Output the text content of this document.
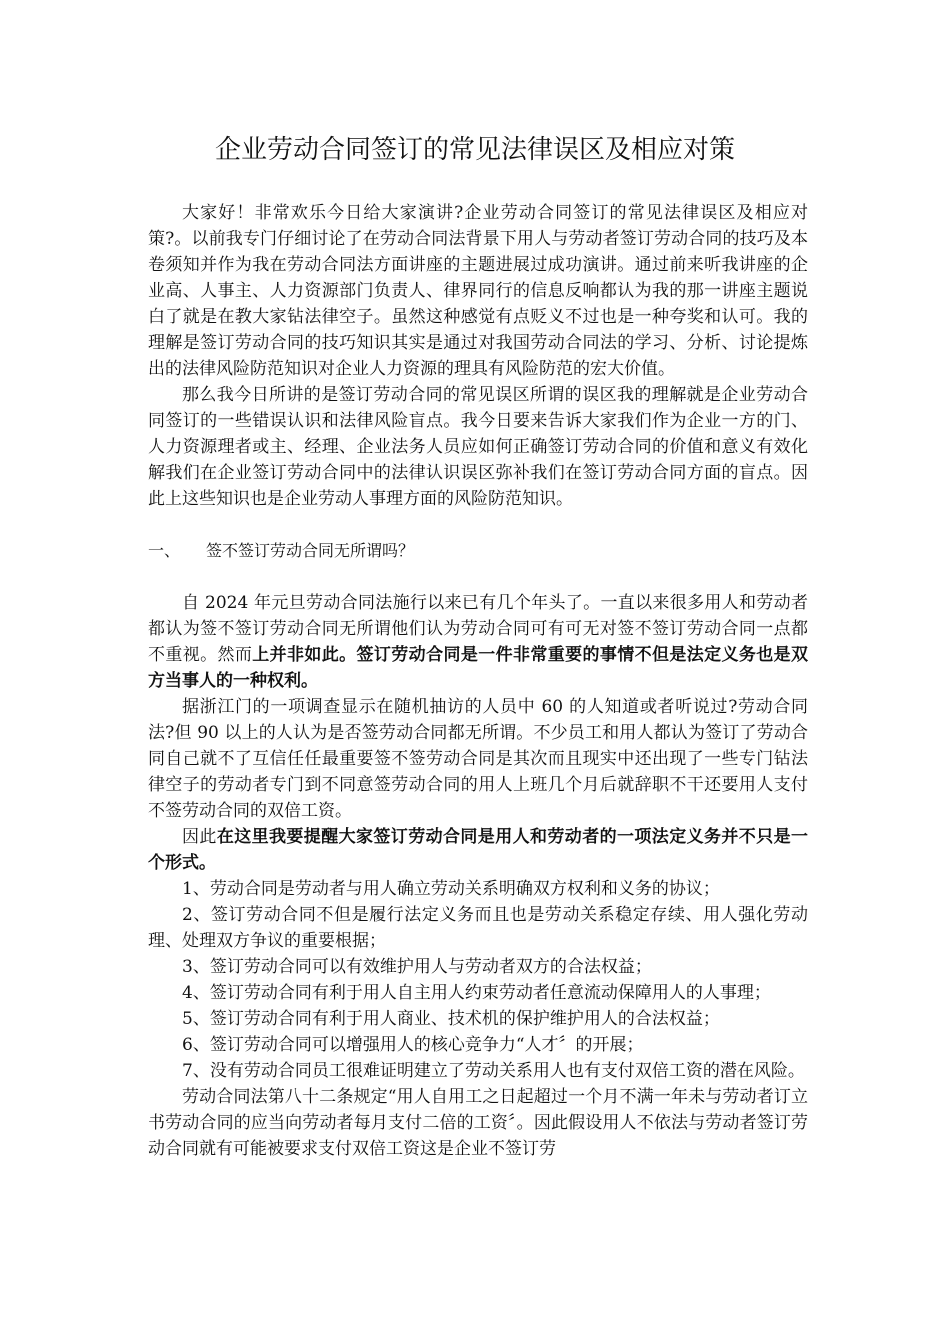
企业劳动合同签订的常见法律误区及相应对策

大家好！非常欢乐今日给大家演讲?企业劳动合同签订的常见法律误区及相应对策?。以前我专门仔细讨论了在劳动合同法背景下用人与劳动者签订劳动合同的技巧及本卷须知并作为我在劳动合同法方面讲座的主题进展过成功演讲。通过前来听我讲座的企业高、人事主、人力资源部门负责人、律界同行的信息反响都认为我的那一讲座主题说白了就是在教大家钻法律空子。虽然这种感觉有点贬义不过也是一种夸奖和认可。我的理解是签订劳动合同的技巧知识其实是通过对我国劳动合同法的学习、分析、讨论提炼出的法律风险防范知识对企业人力资源的理具有风险防范的宏大价值。

那么我今日所讲的是签订劳动合同的常见误区所谓的误区我的理解就是企业劳动合同签订的一些错误认识和法律风险盲点。我今日要来告诉大家我们作为企业一方的门、人力资源理者或主、经理、企业法务人员应如何正确签订劳动合同的价值和意义有效化解我们在企业签订劳动合同中的法律认识误区弥补我们在签订劳动合同方面的盲点。因此上这些知识也是企业劳动人事理方面的风险防范知识。

一、	签不签订劳动合同无所谓吗？

自 2024 年元旦劳动合同法施行以来已有几个年头了。一直以来很多用人和劳动者都认为签不签订劳动合同无所谓他们认为劳动合同可有可无对签不签订劳动合同一点都不重视。然而上并非如此。签订劳动合同是一件非常重要的事情不但是法定义务也是双方当事人的一种权利。

据浙江门的一项调查显示在随机抽访的人员中 60 的人知道或者听说过?劳动合同法?但 90 以上的人认为是否签劳动合同都无所谓。不少员工和用人都认为签订了劳动合同自己就不了互信任任最重要签不签劳动合同是其次而且现实中还出现了一些专门钻法律空子的劳动者专门到不同意签劳动合同的用人上班几个月后就辞职不干还要用人支付不签劳动合同的双倍工资。

因此在这里我要提醒大家签订劳动合同是用人和劳动者的一项法定义务并不只是一个形式。

1、劳动合同是劳动者与用人确立劳动关系明确双方权利和义务的协议；

2、签订劳动合同不但是履行法定义务而且也是劳动关系稳定存续、用人强化劳动理、处理双方争议的重要根据；

3、签订劳动合同可以有效维护用人与劳动者双方的合法权益；

4、签订劳动合同有利于用人自主用人约束劳动者任意流动保障用人的人事理；

5、签订劳动合同有利于用人商业、技术机的保护维护用人的合法权益；

6、签订劳动合同可以增强用人的核心竞争力“人才〞的开展；

7、没有劳动合同员工很难证明建立了劳动关系用人也有支付双倍工资的潜在风险。

劳动合同法第八十二条规定“用人自用工之日起超过一个月不满一年未与劳动者订立书劳动合同的应当向劳动者每月支付二倍的工资〞。因此假设用人不依法与劳动者签订劳动合同就有可能被要求支付双倍工资这是企业不签订劳
